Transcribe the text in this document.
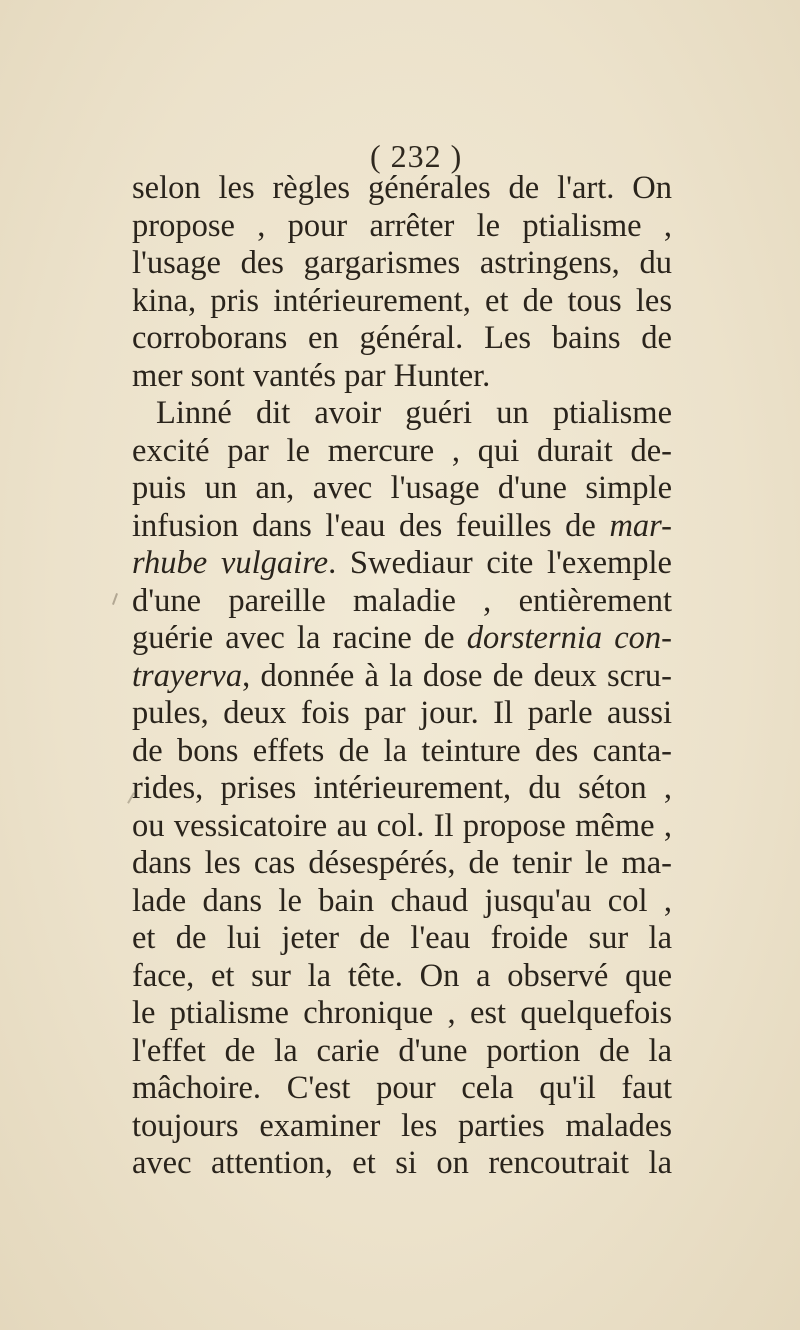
( 232 )
selon les règles générales de l'art. On
propose , pour arrêter le ptialisme ,
l'usage des gargarismes astringens, du
kina, pris intérieurement, et de tous les
corroborans en général. Les bains de
mer sont vantés par Hunter.
Linné dit avoir guéri un ptialisme
excité par le mercure , qui durait de-
puis un an, avec l'usage d'une simple
infusion dans l'eau des feuilles de mar-
rhube vulgaire. Swediaur cite l'exemple
d'une pareille maladie , entièrement
guérie avec la racine de dorsternia con-
trayerva, donnée à la dose de deux scru-
pules, deux fois par jour. Il parle aussi
de bons effets de la teinture des canta-
rides, prises intérieurement, du séton ,
ou vessicatoire au col. Il propose même ,
dans les cas désespérés, de tenir le ma-
lade dans le bain chaud jusqu'au col ,
et de lui jeter de l'eau froide sur la
face, et sur la tête. On a observé que
le ptialisme chronique , est quelquefois
l'effet de la carie d'une portion de la
mâchoire. C'est pour cela qu'il faut
toujours examiner les parties malades
avec attention, et si on rencoutrait la
